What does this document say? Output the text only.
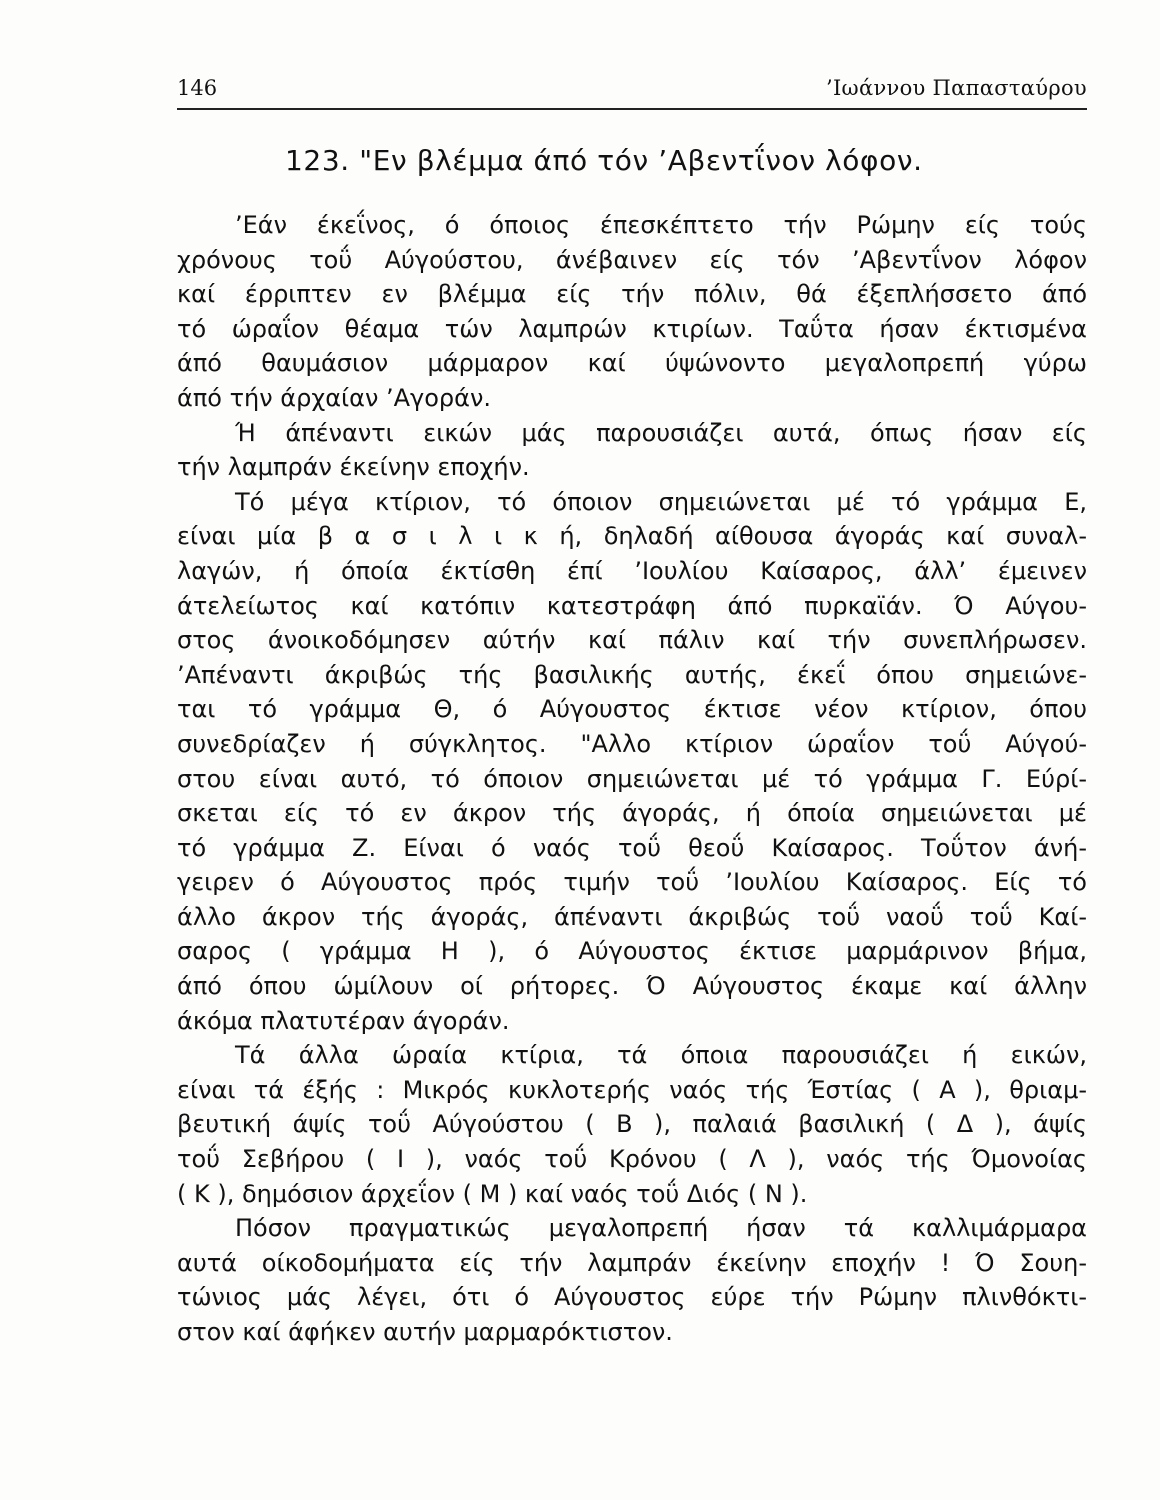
146	’Ιωάννου Παπασταύρου
123. "Εν βλέμμα άπό τόν ’Αβεντΐνον λόφον.
’Εάν έκεΐνος, ό όποιος έπεσκέπτετο τήν Ρώμην είς τούς
χρόνους τοΰ Αύγούστου, άνέβαινεν είς τόν ’Αβεντΐνον λόφον
καί έρριπτεν εν βλέμμα είς τήν πόλιν, θά έξεπλήσσετο άπό
τό ώραΐον θέαμα τών λαμπρών κτιρίων. Ταΰτα ήσαν έκτισμένα
άπό θαυμάσιον μάρμαρον καί ύψώνοντο μεγαλοπρεπή γύρω
άπό τήν άρχαίαν ’Αγοράν.
Ή άπέναντι εικών μάς παρουσιάζει αυτά, όπως ήσαν είς
τήν λαμπράν έκείνην εποχήν.
Τό μέγα κτίριον, τό όποιον σημειώνεται μέ τό γράμμα Ε,
είναι μία β α σ ι λ ι κ ή, δηλαδή αίθουσα άγοράς καί συναλ-
λαγών, ή όποία έκτίσθη έπί ’Ιουλίου Καίσαρος, άλλ’ έμεινεν
άτελείωτος καί κατόπιν κατεστράφη άπό πυρκαϊάν. Ό Αύγου-
στος άνοικοδόμησεν αύτήν καί πάλιν καί τήν συνεπλήρωσεν.
’Απέναντι άκριβώς τής βασιλικής αυτής, έκεΐ όπου σημειώνε-
ται τό γράμμα Θ, ό Αύγουστος έκτισε νέον κτίριον, όπου
συνεδρίαζεν ή σύγκλητος. "Αλλο κτίριον ώραΐον τοΰ Αύγού-
στου είναι αυτό, τό όποιον σημειώνεται μέ τό γράμμα Γ. Εύρί-
σκεται είς τό εν άκρον τής άγοράς, ή όποία σημειώνεται μέ
τό γράμμα Ζ. Είναι ό ναός τοΰ θεοΰ Καίσαρος. Τοΰτον άνή-
γειρεν ό Αύγουστος πρός τιμήν τοΰ ’Ιουλίου Καίσαρος. Είς τό
άλλο άκρον τής άγοράς, άπέναντι άκριβώς τοΰ ναοΰ τοΰ Καί-
σαρος ( γράμμα Η ), ό Αύγουστος έκτισε μαρμάρινον βήμα,
άπό όπου ώμίλουν οί ρήτορες. Ό Αύγουστος έκαμε καί άλλην
άκόμα πλατυτέραν άγοράν.
Τά άλλα ώραία κτίρια, τά όποια παρουσιάζει ή εικών,
είναι τά έξής : Μικρός κυκλοτερής ναός τής Έστίας ( Α ), θριαμ-
βευτική άψίς τοΰ Αύγούστου ( Β ), παλαιά βασιλική ( Δ ), άψίς
τοΰ Σεβήρου ( Ι ), ναός τοΰ Κρόνου ( Λ ), ναός τής Όμονοίας
( Κ ), δημόσιον άρχεΐον ( Μ ) καί ναός τοΰ Διός ( Ν ).
Πόσον πραγματικώς μεγαλοπρεπή ήσαν τά καλλιμάρμαρα
αυτά οίκοδομήματα είς τήν λαμπράν έκείνην εποχήν ! Ό Σουη-
τώνιος μάς λέγει, ότι ό Αύγουστος εύρε τήν Ρώμην πλινθόκτι-
στον καί άφήκεν αυτήν μαρμαρόκτιστον.
